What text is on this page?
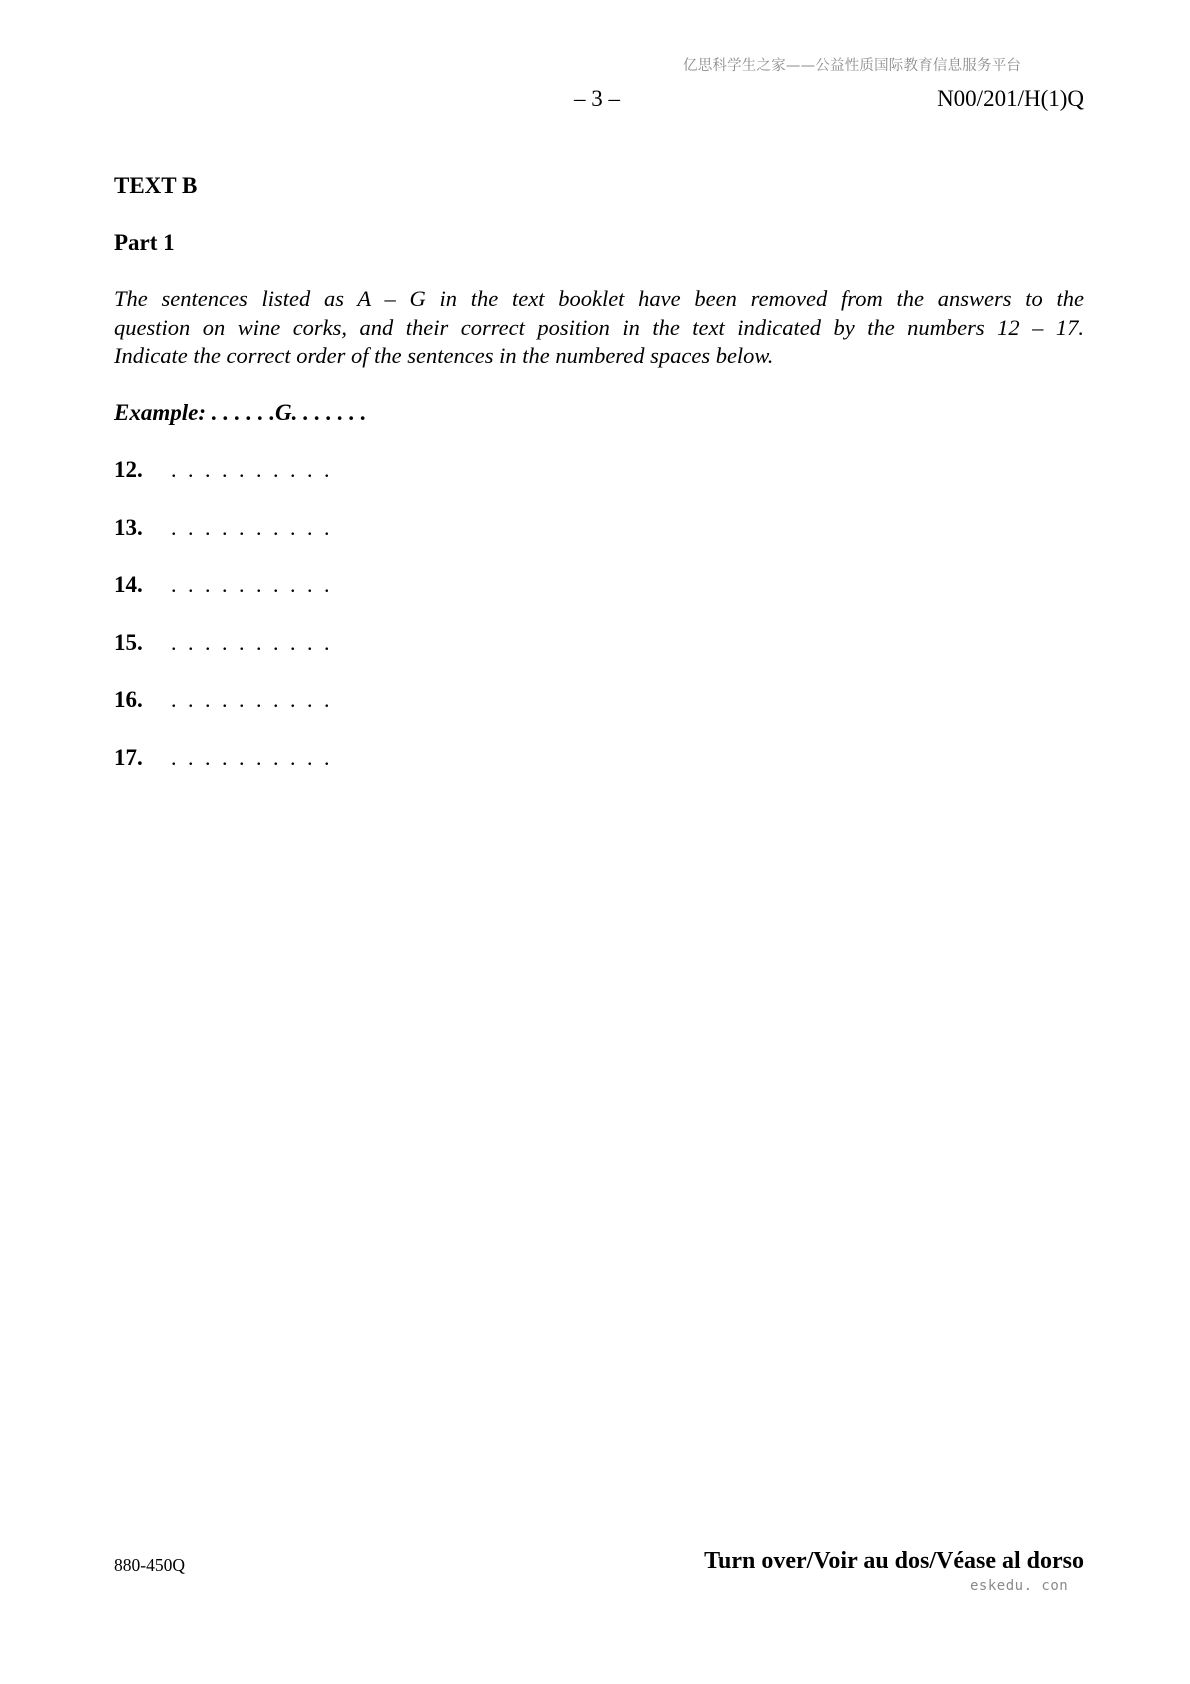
亿思科学生之家——公益性质国际教育信息服务平台
– 3 –	N00/201/H(1)Q
TEXT B
Part 1
The sentences listed as A – G in the text booklet have been removed from the answers to the
question on wine corks, and their correct position in the text indicated by the numbers 12 – 17.
Indicate the correct order of the sentences in the numbered spaces below.
Example: . . . . . .G. . . . . . .
12. . . . . . . . . . .
13. . . . . . . . . . .
14. . . . . . . . . . .
15. . . . . . . . . . .
16. . . . . . . . . . .
17. . . . . . . . . . .
880-450Q	Turn over/Voir au dos/Véase al dorso
eskedu. con
